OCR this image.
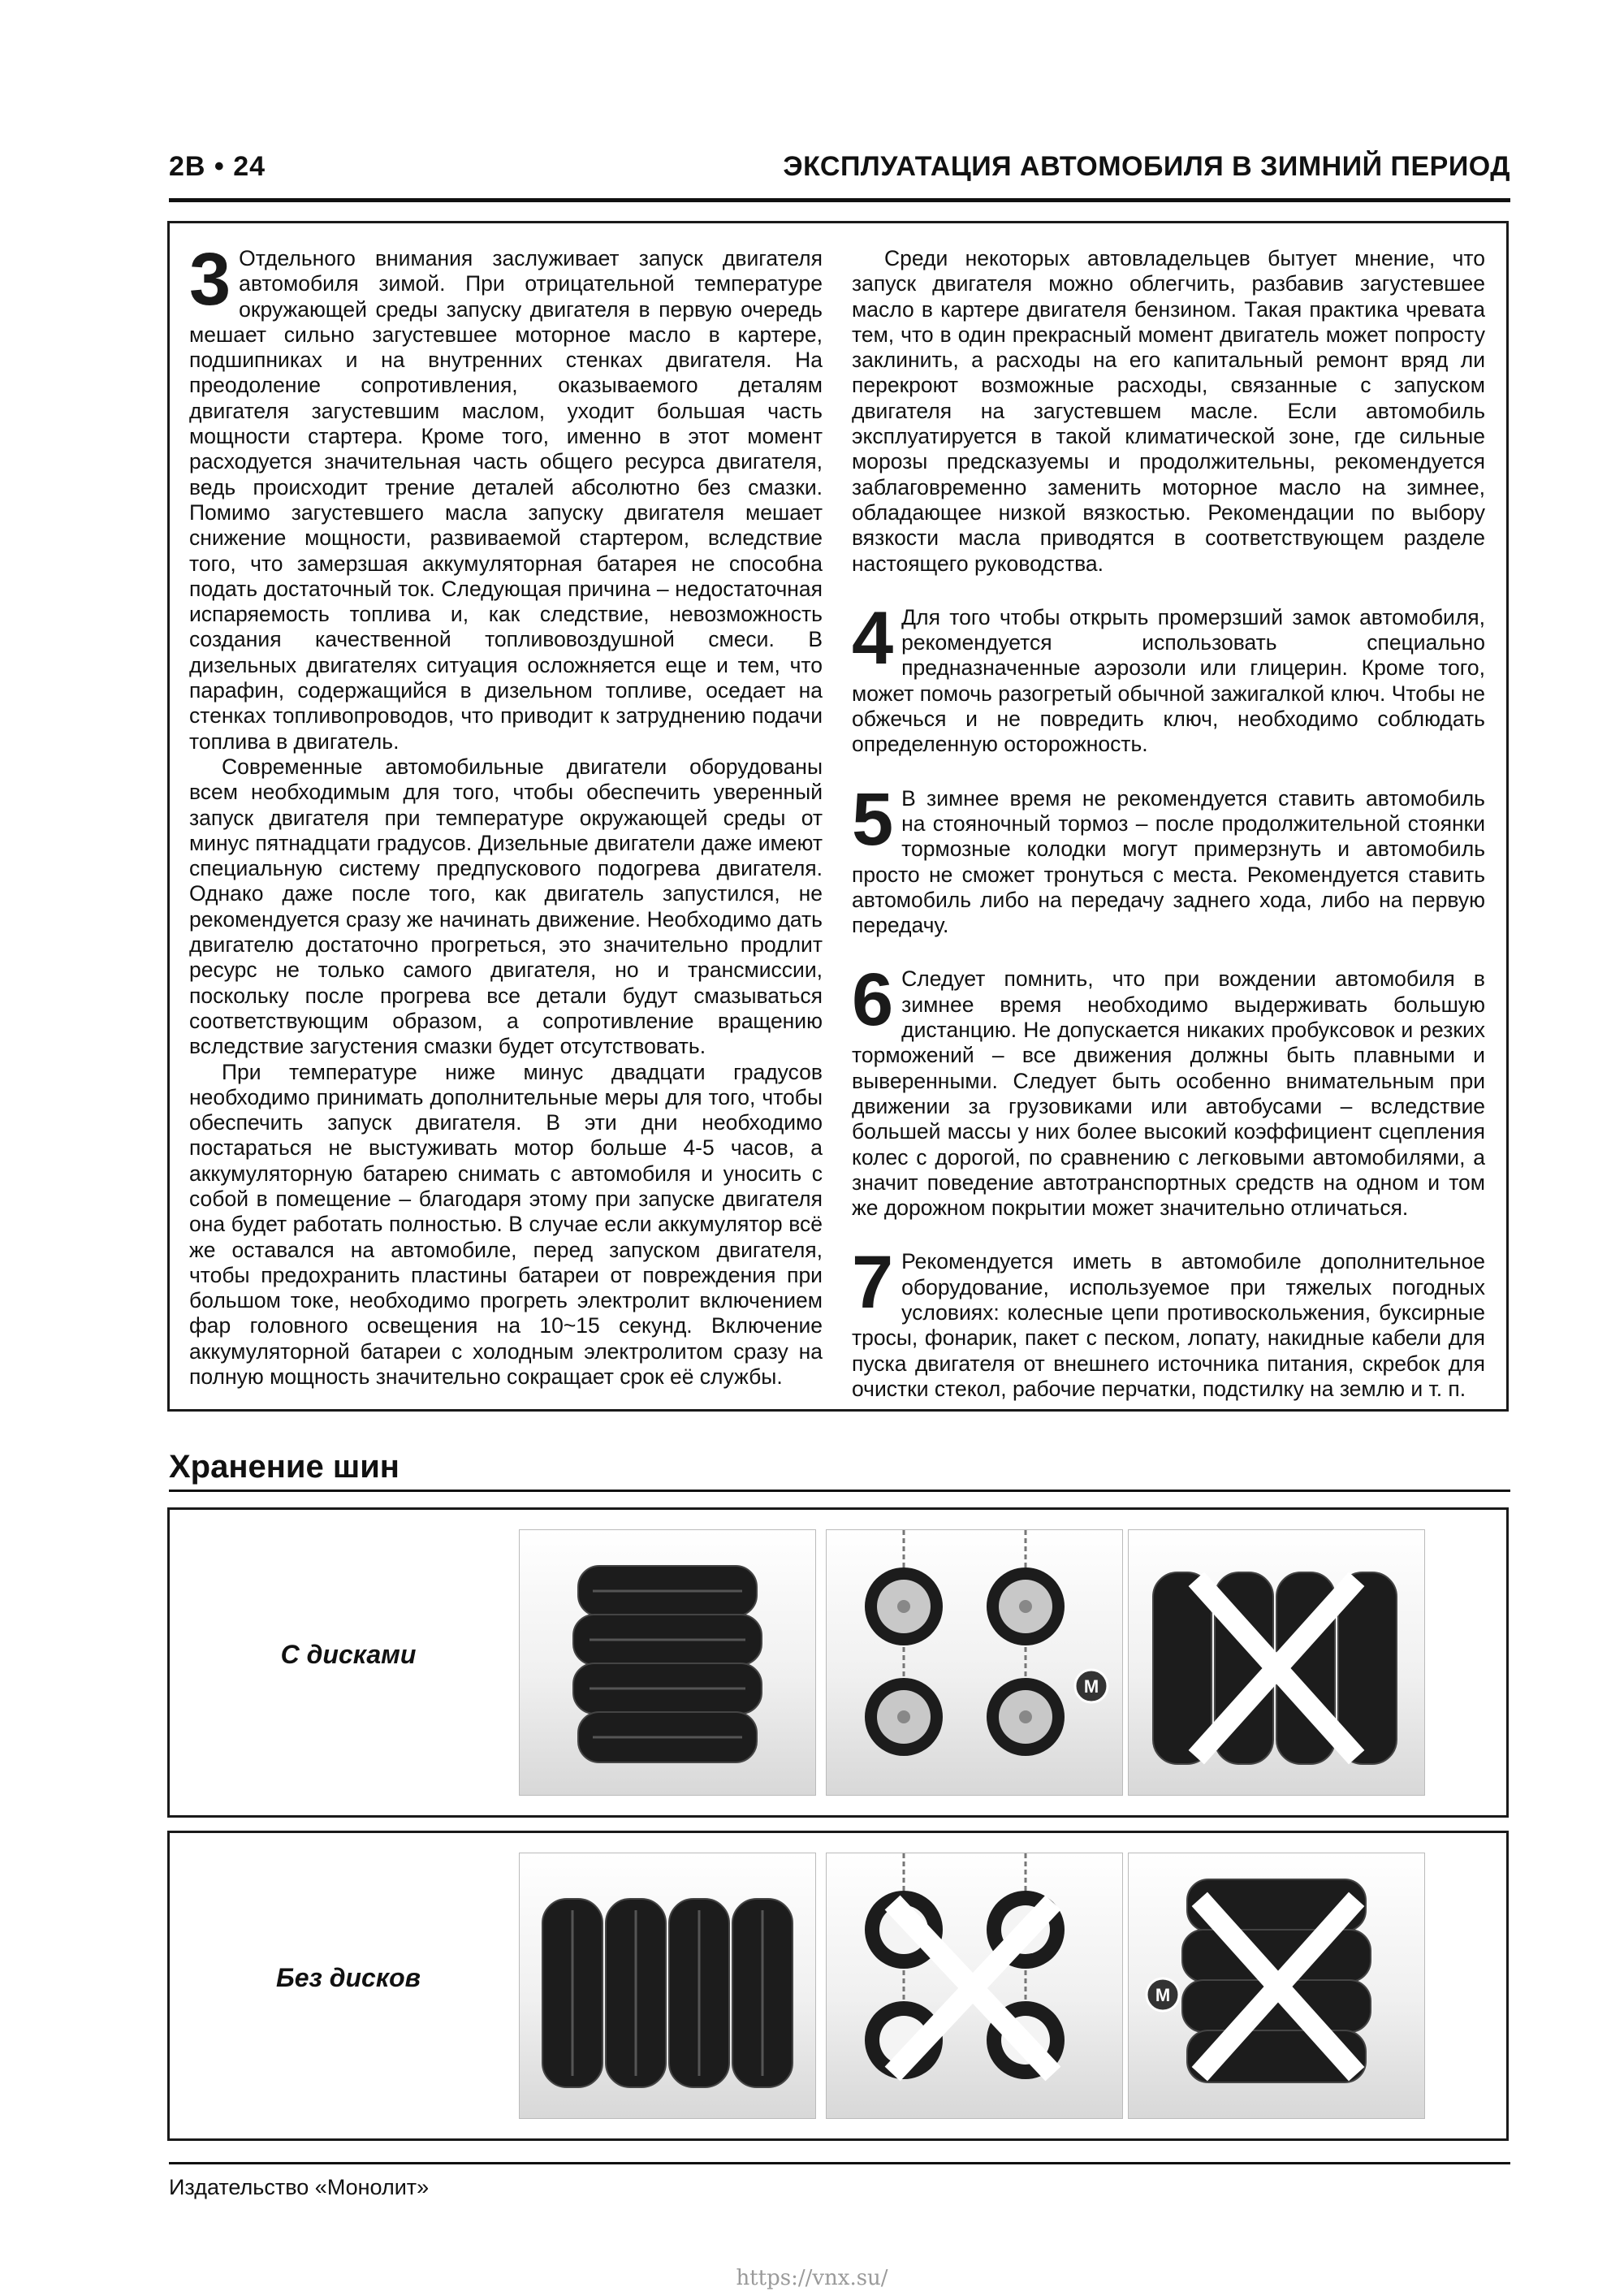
2B • 24	ЭКСПЛУАТАЦИЯ АВТОМОБИЛЯ В ЗИМНИЙ ПЕРИОД
3 Отдельного внимания заслуживает запуск двигателя автомобиля зимой. При отрицательной температуре окружающей среды запуску двигателя в первую очередь мешает сильно загустевшее моторное масло в картере, подшипниках и на внутренних стенках двигателя. На преодоление сопротивления, оказываемого деталям двигателя загустевшим маслом, уходит большая часть мощности стартера. Кроме того, именно в этот момент расходуется значительная часть общего ресурса двигателя, ведь происходит трение деталей абсолютно без смазки. Помимо загустевшего масла запуску двигателя мешает снижение мощности, развиваемой стартером, вследствие того, что замерзшая аккумуляторная батарея не способна подать достаточный ток. Следующая причина – недостаточная испаряемость топлива и, как следствие, невозможность создания качественной топливовоздушной смеси. В дизельных двигателях ситуация осложняется еще и тем, что парафин, содержащийся в дизельном топливе, оседает на стенках топливопроводов, что приводит к затруднению подачи топлива в двигатель.

Современные автомобильные двигатели оборудованы всем необходимым для того, чтобы обеспечить уверенный запуск двигателя при температуре окружающей среды от минус пятнадцати градусов. Дизельные двигатели даже имеют специальную систему предпускового подогрева двигателя. Однако даже после того, как двигатель запустился, не рекомендуется сразу же начинать движение. Необходимо дать двигателю достаточно прогреться, это значительно продлит ресурс не только самого двигателя, но и трансмиссии, поскольку после прогрева все детали будут смазываться соответствующим образом, а сопротивление вращению вследствие загустения смазки будет отсутствовать.

При температуре ниже минус двадцати градусов необходимо принимать дополнительные меры для того, чтобы обеспечить запуск двигателя. В эти дни необходимо постараться не выстуживать мотор больше 4-5 часов, а аккумуляторную батарею снимать с автомобиля и уносить с собой в помещение – благодаря этому при запуске двигателя она будет работать полностью. В случае если аккумулятор всё же оставался на автомобиле, перед запуском двигателя, чтобы предохранить пластины батареи от повреждения при большом токе, необходимо прогреть электролит включением фар головного освещения на 10~15 секунд. Включение аккумуляторной батареи с холодным электролитом сразу на полную мощность значительно сокращает срок её службы.

Среди некоторых автовладельцев бытует мнение, что запуск двигателя можно облегчить, разбавив загустевшее масло в картере двигателя бензином. Такая практика чревата тем, что в один прекрасный момент двигатель может попросту заклинить, а расходы на его капитальный ремонт вряд ли перекроют возможные расходы, связанные с запуском двигателя на загустевшем масле. Если автомобиль эксплуатируется в такой климатической зоне, где сильные морозы предсказуемы и продолжительны, рекомендуется заблаговременно заменить моторное масло на зимнее, обладающее низкой вязкостью. Рекомендации по выбору вязкости масла приводятся в соответствующем разделе настоящего руководства.

4 Для того чтобы открыть промерзший замок автомобиля, рекомендуется использовать специально предназначенные аэрозоли или глицерин. Кроме того, может помочь разогретый обычной зажигалкой ключ. Чтобы не обжечься и не повредить ключ, необходимо соблюдать определенную осторожность.

5 В зимнее время не рекомендуется ставить автомобиль на стояночный тормоз – после продолжительной стоянки тормозные колодки могут примерзнуть и автомобиль просто не сможет тронуться с места. Рекомендуется ставить автомобиль либо на передачу заднего хода, либо на первую передачу.

6 Следует помнить, что при вождении автомобиля в зимнее время необходимо выдерживать большую дистанцию. Не допускается никаких пробуксовок и резких торможений – все движения должны быть плавными и выверенными. Следует быть особенно внимательным при движении за грузовиками или автобусами – вследствие большей массы у них более высокий коэффициент сцепления колес с дорогой, по сравнению с легковыми автомобилями, а значит поведение автотранспортных средств на одном и том же дорожном покрытии может значительно отличаться.

7 Рекомендуется иметь в автомобиле дополнительное оборудование, используемое при тяжелых погодных условиях: колесные цепи противоскольжения, буксирные тросы, фонарик, пакет с песком, лопату, накидные кабели для пуска двигателя от внешнего источника питания, скребок для очистки стекол, рабочие перчатки, подстилку на землю и т. п.

Хранение шин
С дисками
M
Без дисков
M
Издательство «Монолит»
https://vnx.su/
